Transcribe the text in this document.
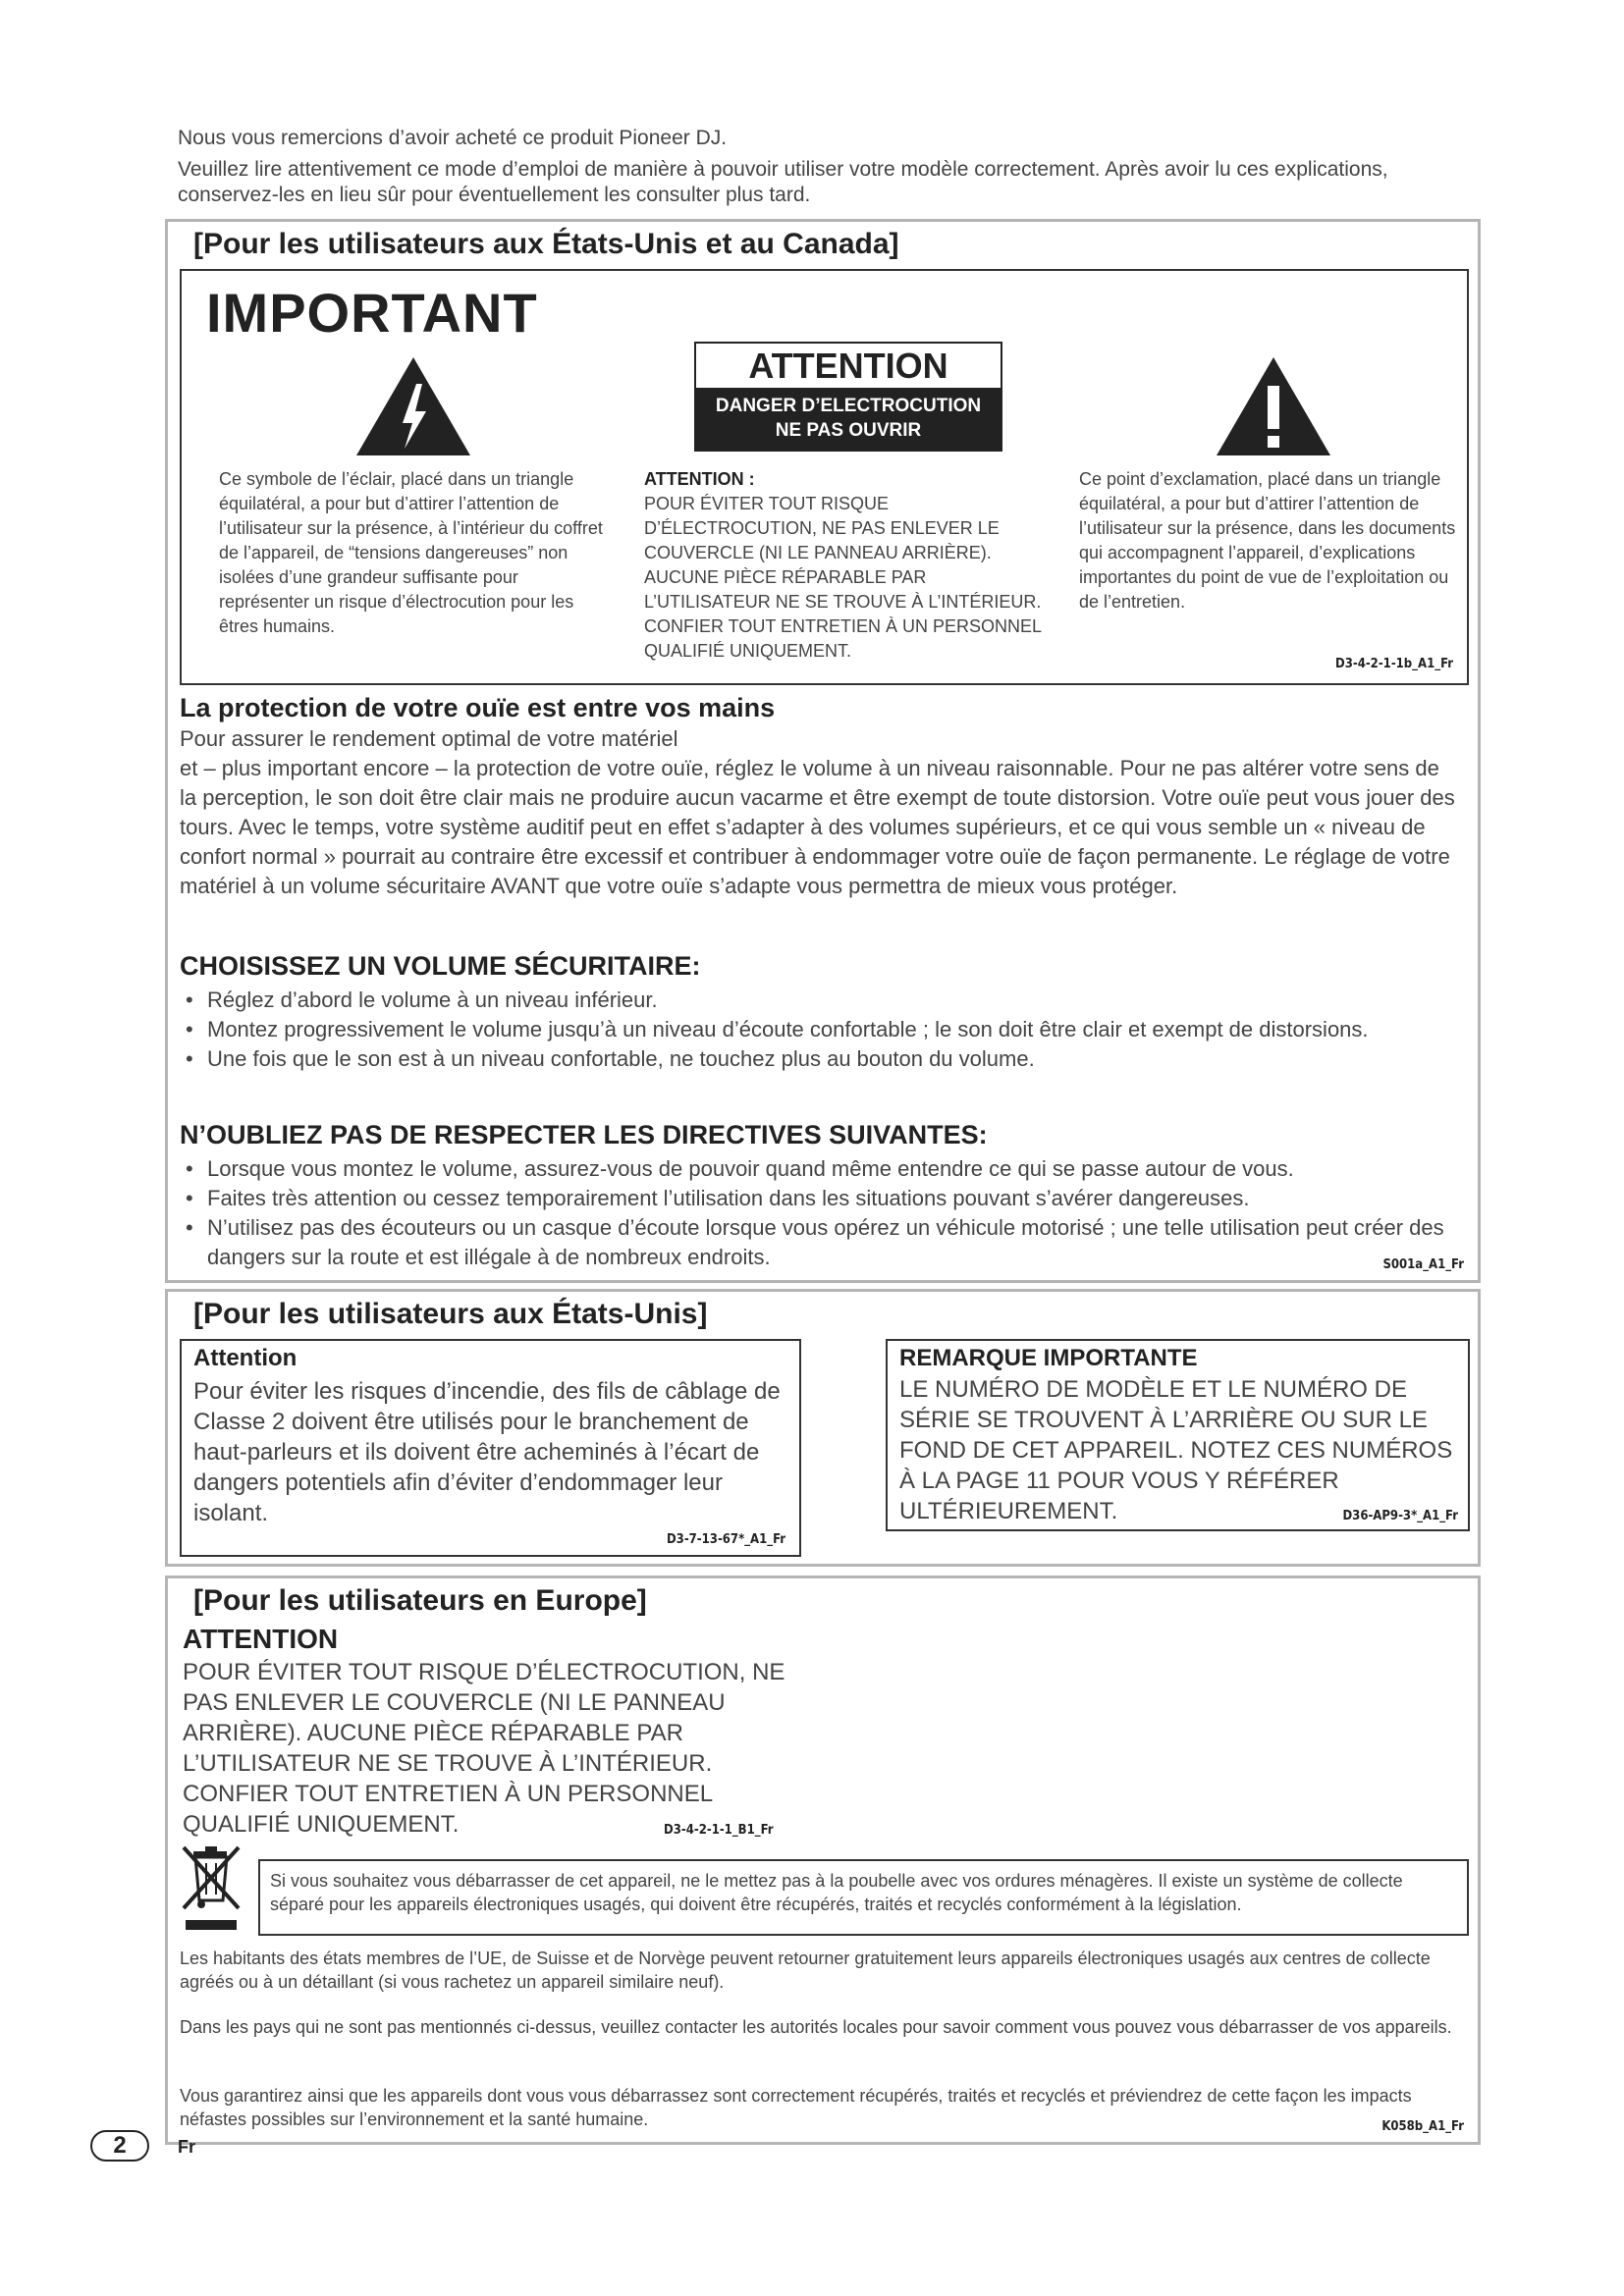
Nous vous remercions d’avoir acheté ce produit Pioneer DJ.

Veuillez lire attentivement ce mode d’emploi de manière à pouvoir utiliser votre modèle correctement. Après avoir lu ces explications, conservez-les en lieu sûr pour éventuellement les consulter plus tard.

[Pour les utilisateurs aux États-Unis et au Canada]
IMPORTANT
ATTENTION
DANGER D’ELECTROCUTION
NE PAS OUVRIR
Ce symbole de l’éclair, placé dans un triangle équilatéral, a pour but d’attirer l’attention de l’utilisateur sur la présence, à l’intérieur du coffret de l’appareil, de “tensions dangereuses” non isolées d’une grandeur suffisante pour représenter un risque d’électrocution pour les êtres humains.
ATTENTION :
POUR ÉVITER TOUT RISQUE D’ÉLECTROCUTION, NE PAS ENLEVER LE COUVERCLE (NI LE PANNEAU ARRIÈRE). AUCUNE PIÈCE RÉPARABLE PAR L’UTILISATEUR NE SE TROUVE À L’INTÉRIEUR. CONFIER TOUT ENTRETIEN À UN PERSONNEL QUALIFIÉ UNIQUEMENT.
Ce point d’exclamation, placé dans un triangle équilatéral, a pour but d’attirer l’attention de l’utilisateur sur la présence, dans les documents qui accompagnent l’appareil, d’explications importantes du point de vue de l’exploitation ou de l’entretien.
D3-4-2-1-1b_A1_Fr
La protection de votre ouïe est entre vos mains
Pour assurer le rendement optimal de votre matériel
et – plus important encore – la protection de votre ouïe, réglez le volume à un niveau raisonnable. Pour ne pas altérer votre sens de la perception, le son doit être clair mais ne produire aucun vacarme et être exempt de toute distorsion. Votre ouïe peut vous jouer des tours. Avec le temps, votre système auditif peut en effet s’adapter à des volumes supérieurs, et ce qui vous semble un « niveau de confort normal » pourrait au contraire être excessif et contribuer à endommager votre ouïe de façon permanente. Le réglage de votre matériel à un volume sécuritaire AVANT que votre ouïe s’adapte vous permettra de mieux vous protéger.
CHOISISSEZ UN VOLUME SÉCURITAIRE:
• Réglez d’abord le volume à un niveau inférieur.
• Montez progressivement le volume jusqu’à un niveau d’écoute confortable ; le son doit être clair et exempt de distorsions.
• Une fois que le son est à un niveau confortable, ne touchez plus au bouton du volume.
N’OUBLIEZ PAS DE RESPECTER LES DIRECTIVES SUIVANTES:
• Lorsque vous montez le volume, assurez-vous de pouvoir quand même entendre ce qui se passe autour de vous.
• Faites très attention ou cessez temporairement l’utilisation dans les situations pouvant s’avérer dangereuses.
• N’utilisez pas des écouteurs ou un casque d’écoute lorsque vous opérez un véhicule motorisé ; une telle utilisation peut créer des dangers sur la route et est illégale à de nombreux endroits.	S001a_A1_Fr
[Pour les utilisateurs aux États-Unis]
Attention
Pour éviter les risques d’incendie, des fils de câblage de Classe 2 doivent être utilisés pour le branchement de haut-parleurs et ils doivent être acheminés à l’écart de dangers potentiels afin d’éviter d’endommager leur isolant.
D3-7-13-67*_A1_Fr
REMARQUE IMPORTANTE
LE NUMÉRO DE MODÈLE ET LE NUMÉRO DE SÉRIE SE TROUVENT À L’ARRIÈRE OU SUR LE FOND DE CET APPAREIL. NOTEZ CES NUMÉROS À LA PAGE 11 POUR VOUS Y RÉFÉRER ULTÉRIEUREMENT.	D36-AP9-3*_A1_Fr
[Pour les utilisateurs en Europe]
ATTENTION
POUR ÉVITER TOUT RISQUE D’ÉLECTROCUTION, NE PAS ENLEVER LE COUVERCLE (NI LE PANNEAU ARRIÈRE). AUCUNE PIÈCE RÉPARABLE PAR L’UTILISATEUR NE SE TROUVE À L’INTÉRIEUR. CONFIER TOUT ENTRETIEN À UN PERSONNEL QUALIFIÉ UNIQUEMENT.	D3-4-2-1-1_B1_Fr
Si vous souhaitez vous débarrasser de cet appareil, ne le mettez pas à la poubelle avec vos ordures ménagères. Il existe un système de collecte séparé pour les appareils électroniques usagés, qui doivent être récupérés, traités et recyclés conformément à la législation.
Les habitants des états membres de l’UE, de Suisse et de Norvège peuvent retourner gratuitement leurs appareils électroniques usagés aux centres de collecte agréés ou à un détaillant (si vous rachetez un appareil similaire neuf).
Dans les pays qui ne sont pas mentionnés ci-dessus, veuillez contacter les autorités locales pour savoir comment vous pouvez vous débarrasser de vos appareils.
Vous garantirez ainsi que les appareils dont vous vous débarrassez sont correctement récupérés, traités et recyclés et préviendrez de cette façon les impacts néfastes possibles sur l’environnement et la santé humaine.	K058b_A1_Fr
2	Fr
